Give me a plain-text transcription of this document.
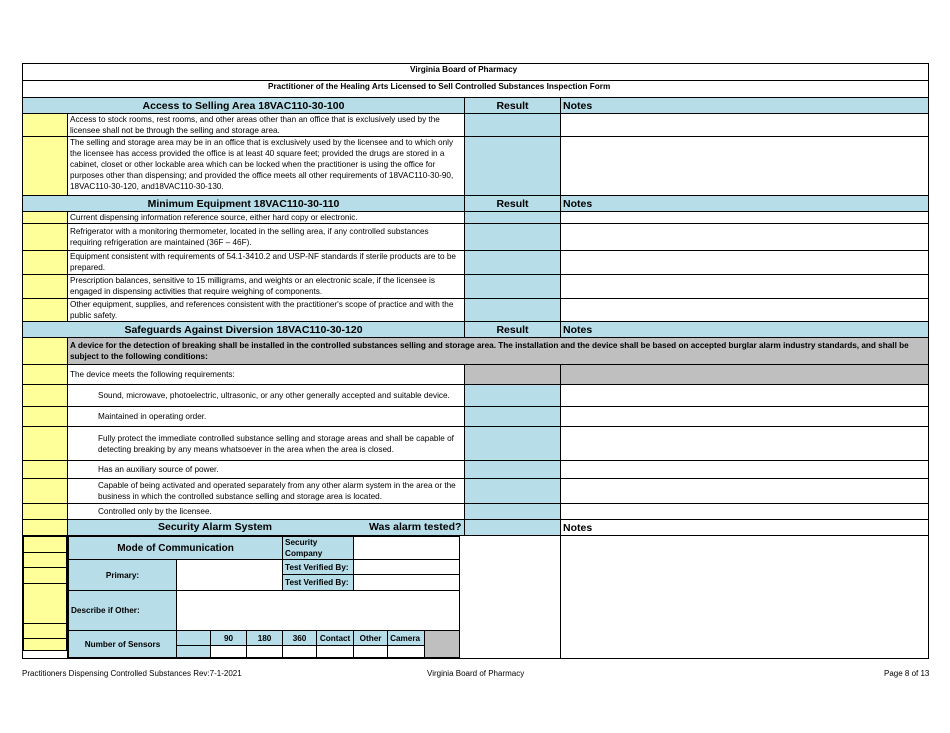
Virginia Board of Pharmacy
Practitioner of the Healing Arts Licensed to Sell Controlled Substances Inspection Form
Access to Selling Area 18VAC110-30-100	Result	Notes
	Access to stock rooms, rest rooms, and other areas other than an office that is exclusively used by the licensee shall not be through the selling and storage area.		
	The selling and storage area may be in an office that is exclusively used by the licensee and to which only the licensee has access provided the office is at least 40 square feet; provided the drugs are stored in a cabinet, closet or other lockable area which can be locked when the practitioner is using the office for purposes other than dispensing; and provided the office meets all other requirements of 18VAC110-30-90, 18VAC110-30-120, and18VAC110-30-130.		
Minimum Equipment 18VAC110-30-110	Result	Notes
	Current dispensing information reference source, either hard copy or electronic.		
	Refrigerator with a monitoring thermometer, located in the selling area, if any controlled substances requiring refrigeration are maintained (36F – 46F).		
	Equipment consistent with requirements of 54.1-3410.2 and USP-NF standards if sterile products are to be prepared.		
	Prescription balances, sensitive to 15 milligrams, and weights or an electronic scale, if the licensee is engaged in dispensing activities that require weighing of components.		
	Other equipment, supplies, and references consistent with the practitioner's scope of practice and with the public safety.		
Safeguards Against Diversion 18VAC110-30-120	Result	Notes
	A device for the detection of breaking shall be installed in the controlled substances selling and storage area. The installation and the device shall be based on accepted burglar alarm industry standards, and shall be subject to the following conditions:
	The device meets the following requirements:		
	Sound, microwave, photoelectric, ultrasonic, or any other generally accepted and suitable device.		
	Maintained in operating order.		
	Fully protect the immediate controlled substance selling and storage areas and shall be capable of detecting breaking by any means whatsoever in the area when the area is closed.		
	Has an auxiliary source of power.		
	Capable of being activated and operated separately from any other alarm system in the area or the business in which the controlled substance selling and storage area is located.		
	Controlled only by the licensee.		

Security Alarm System	Was alarm tested?		Notes

Mode of Communication	Security Company		
Primary:		Test Verified By:	
Test Verified By:	
Describe if Other:	
Number of Sensors		90	180	360	Contact	Other	Camera	

Practitioners Dispensing Controlled Substances Rev:7-1-2021	Virginia Board of Pharmacy	Page 8 of 13
